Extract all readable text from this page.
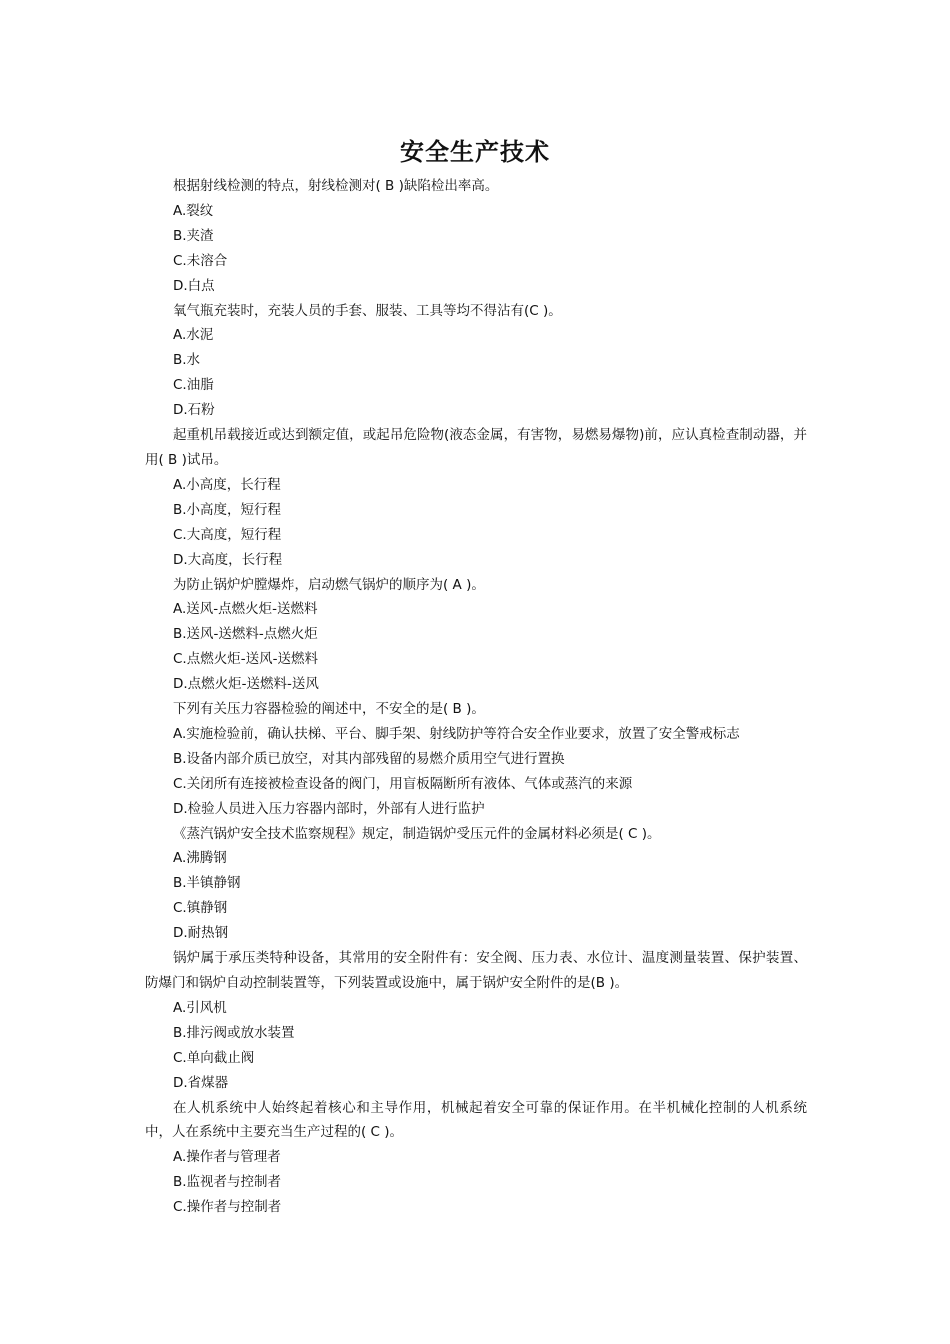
安全生产技术

根据射线检测的特点，射线检测对( B )缺陷检出率高。

A.裂纹

B.夹渣

C.未溶合

D.白点

氧气瓶充装时，充装人员的手套、服装、工具等均不得沾有(C )。

A.水泥

B.水

C.油脂

D.石粉

起重机吊载接近或达到额定值，或起吊危险物(液态金属，有害物，易燃易爆物)前，应认真检查制动器，并用( B )试吊。

A.小高度，长行程

B.小高度，短行程

C.大高度，短行程

D.大高度，长行程

为防止锅炉炉膛爆炸，启动燃气锅炉的顺序为( A )。

A.送风-点燃火炬-送燃料

B.送风-送燃料-点燃火炬

C.点燃火炬-送风-送燃料

D.点燃火炬-送燃料-送风

下列有关压力容器检验的阐述中，不安全的是( B )。

A.实施检验前，确认扶梯、平台、脚手架、射线防护等符合安全作业要求，放置了安全警戒标志

B.设备内部介质已放空，对其内部残留的易燃介质用空气进行置换

C.关闭所有连接被检查设备的阀门，用盲板隔断所有液体、气体或蒸汽的来源

D.检验人员进入压力容器内部时，外部有人进行监护

《蒸汽锅炉安全技术监察规程》规定，制造锅炉受压元件的金属材料必须是( C )。

A.沸腾钢

B.半镇静钢

C.镇静钢

D.耐热钢

锅炉属于承压类特种设备，其常用的安全附件有：安全阀、压力表、水位计、温度测量装置、保护装置、防爆门和锅炉自动控制装置等，下列装置或设施中，属于锅炉安全附件的是(B )。

A.引风机

B.排污阀或放水装置

C.单向截止阀

D.省煤器

在人机系统中人始终起着核心和主导作用，机械起着安全可靠的保证作用。在半机械化控制的人机系统中，人在系统中主要充当生产过程的( C )。

A.操作者与管理者

B.监视者与控制者

C.操作者与控制者
